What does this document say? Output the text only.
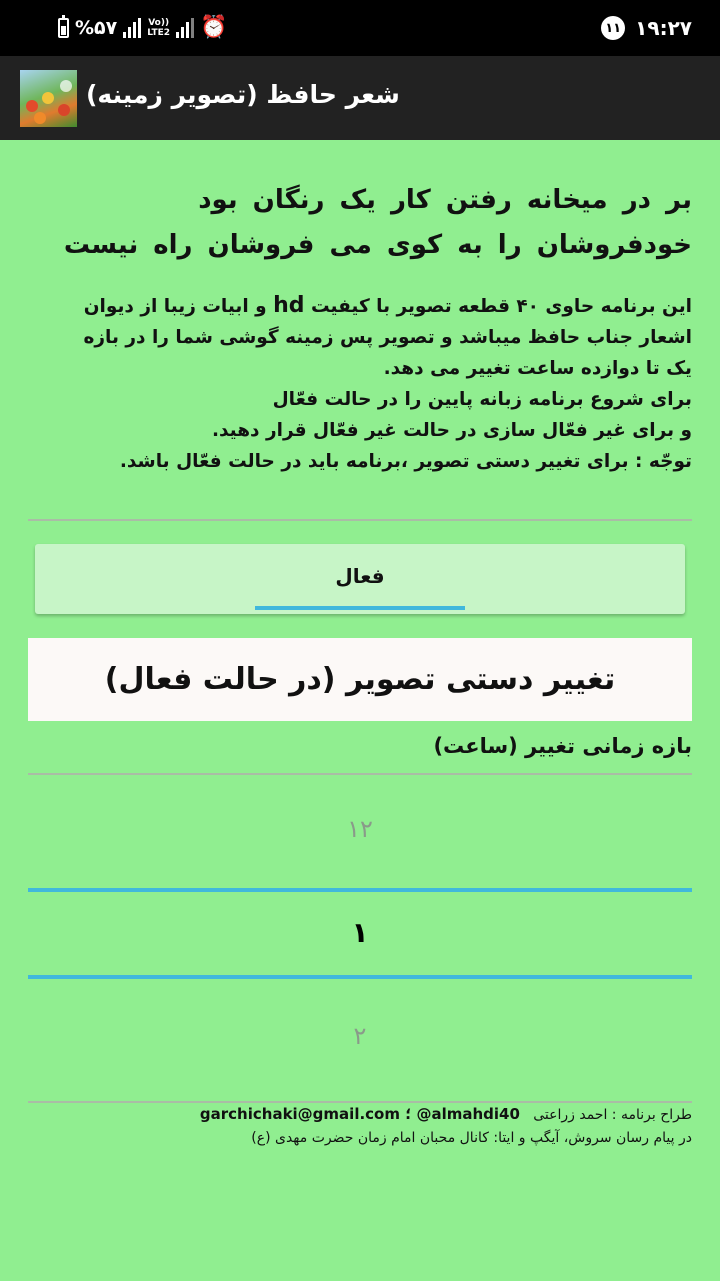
%۵۷	Vo))
LTE2 ⏰	۱۱ ۱۹:۲۷
شعر حافظ (تصویر زمینه)
بر در میخانه رفتن کار یک رنگان بود
خودفروشان را به کوی می فروشان راه نیست
این برنامه حاوی ۴۰ قطعه تصویر با کیفیت hd و ابیات زیبا از دیوان
اشعار جناب حافظ میباشد و تصویر پس زمینه گوشی شما را در بازه
یک تا دوازده ساعت تغییر می دهد.
برای شروع برنامه زبانه پایین را در حالت فعّال
و برای غیر فعّال سازی در حالت غیر فعّال قرار دهید.
توجّه : برای تغییر دستی تصویر ،برنامه باید در حالت فعّال باشد.
فعال
تغییر دستی تصویر (در حالت فعال)
بازه زمانی تغییر (ساعت)
۱۲
۱
۲
طراح برنامه : احمد زراعتی   garchichaki@gmail.com ؛ @almahdi40
در پیام رسان سروش، آیگپ و ایتا: کانال محبان امام زمان حضرت مهدی (ع)
